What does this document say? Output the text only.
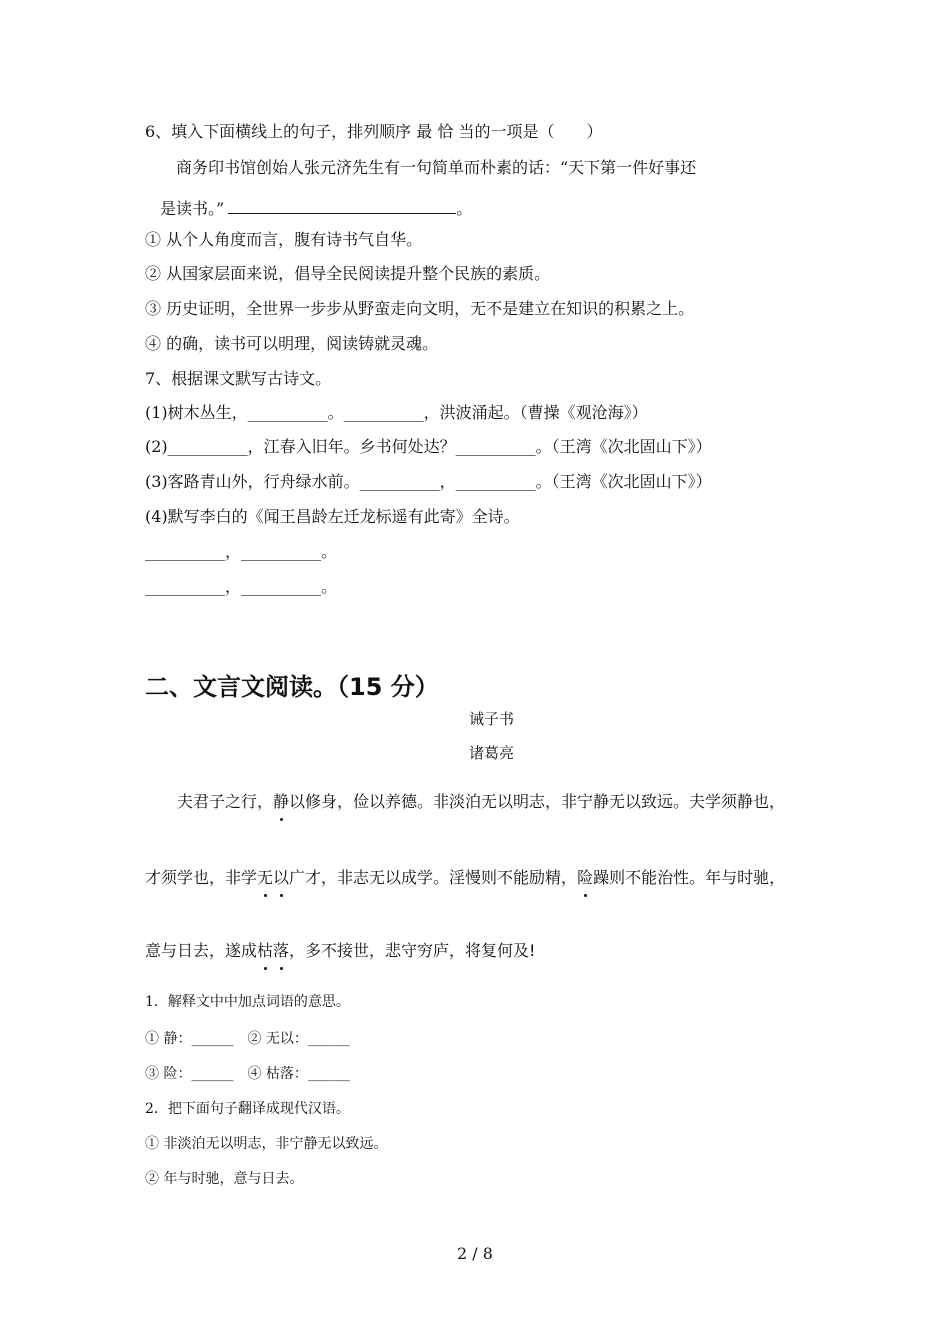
6、填入下面横线上的句子，排列顺序 最 恰 当的一项是（　　）
商务印书馆创始人张元济先生有一句简单而朴素的话：“天下第一件好事还
是读书。”	。
① 从个人角度而言，腹有诗书气自华。
② 从国家层面来说，倡导全民阅读提升整个民族的素质。
③ 历史证明，全世界一步步从野蛮走向文明，无不是建立在知识的积累之上。
④ 的确，读书可以明理，阅读铸就灵魂。
7、根据课文默写古诗文。
(1)树木丛生，__________。__________，洪波涌起。（曹操《观沧海》）
(2)__________，江春入旧年。乡书何处达？__________。（王湾《次北固山下》）
(3)客路青山外，行舟绿水前。__________，__________。（王湾《次北固山下》）
(4)默写李白的《闻王昌龄左迁龙标遥有此寄》全诗。
__________，__________。
__________，__________。
二、文言文阅读。（15 分）
诫子书
诸葛亮
夫君子之行，静以修身，俭以养德。非淡泊无以明志，非宁静无以致远。夫学须静也，
才须学也，非学无以广才，非志无以成学。淫慢则不能励精，险躁则不能治性。年与时驰，
意与日去，遂成枯落，多不接世，悲守穷庐，将复何及!
1．解释文中中加点词语的意思。
① 静：______　② 无以：______
③ 险：______　④ 枯落：______
2．把下面句子翻译成现代汉语。
① 非淡泊无以明志，非宁静无以致远。
② 年与时驰，意与日去。
2 / 8
